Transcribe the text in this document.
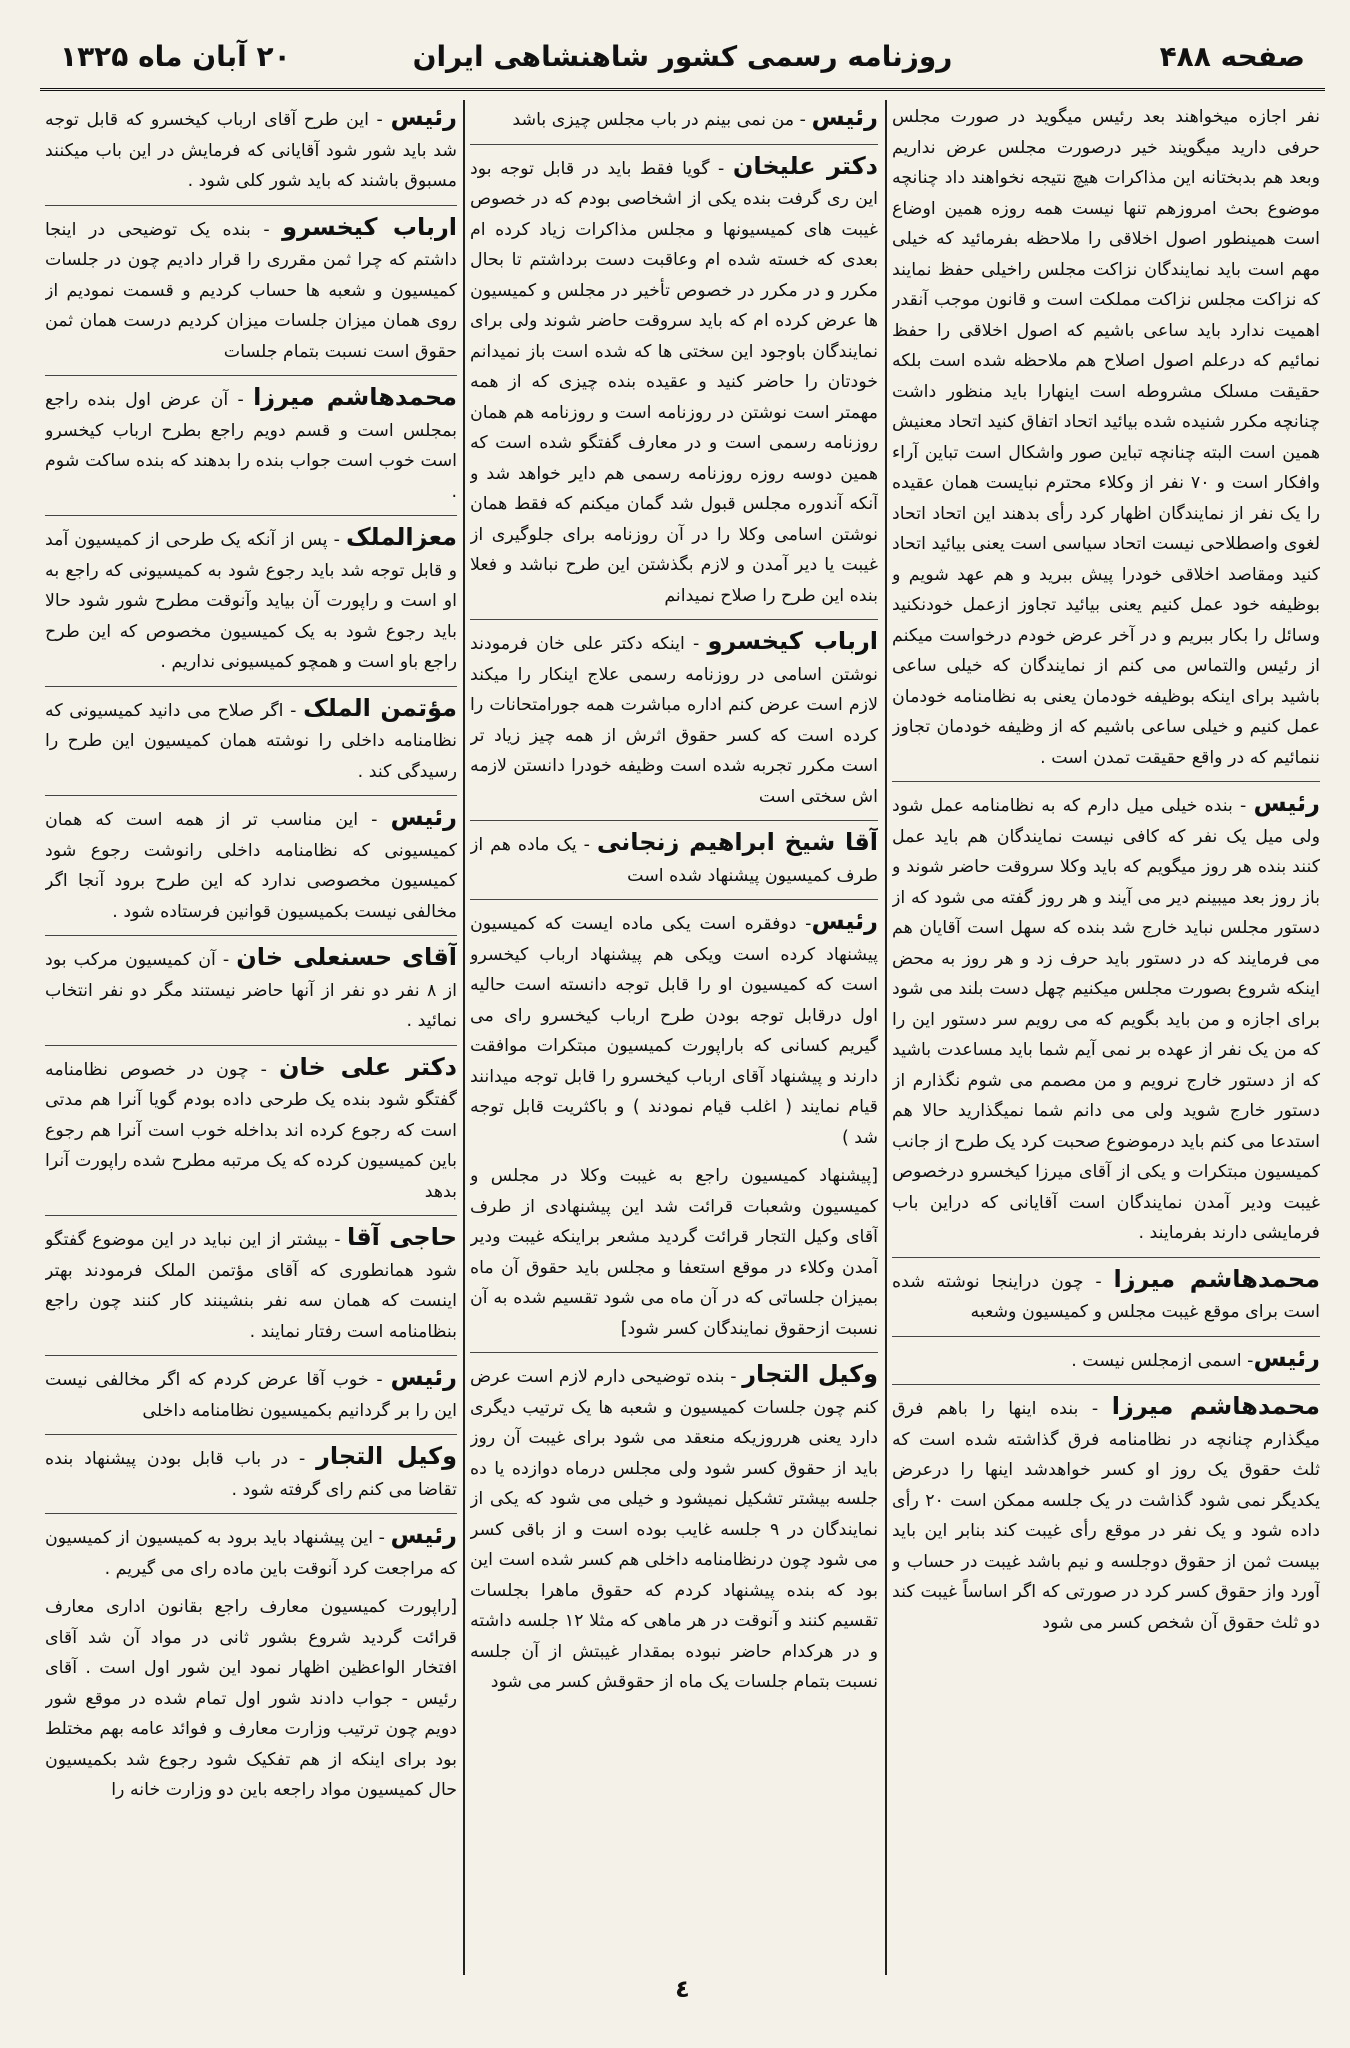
صفحه ۴۸۸
روزنامه رسمی کشور شاهنشاهی ایران
۲۰ آبان ماه ۱۳۲۵

نفر اجازه میخواهند بعد رئیس میگوید در صورت مجلس حرفی دارید میگویند خیر درصورت مجلس عرض نداریم وبعد هم بدبختانه این مذاکرات هیچ نتیجه نخواهند داد چنانچه موضوع بحث امروزهم تنها نیست همه روزه همین اوضاع است همینطور اصول اخلاقی را ملاحظه بفرمائید که خیلی مهم است باید نمایندگان نزاکت مجلس راخیلی حفظ نمایند که نزاکت مجلس نزاکت مملکت است و قانون موجب آنقدر اهمیت ندارد باید ساعی باشیم که اصول اخلاقی را حفظ نمائیم که درعلم اصول اصلاح هم ملاحظه شده است بلکه حقیقت مسلک مشروطه است اینهارا باید منظور داشت چنانچه مکرر شنیده شده بیائید اتحاد اتفاق کنید اتحاد معنیش همین است البته چنانچه تباین صور واشکال است تباین آراء وافکار است و ۷۰ نفر از وکلاء محترم نبایست همان عقیده را یک نفر از نمایندگان اظهار کرد رأی بدهند این اتحاد اتحاد لغوی واصطلاحی نیست اتحاد سیاسی است یعنی بیائید اتحاد کنید ومقاصد اخلاقی خودرا پیش ببرید و هم عهد شویم و بوظیفه خود عمل کنیم یعنی بیائید تجاوز ازعمل خودنکنید وسائل را بکار ببریم و در آخر عرض خودم درخواست میکنم از رئیس والتماس می کنم از نمایندگان که خیلی ساعی باشید برای اینکه بوظیفه خودمان یعنی به نظامنامه خودمان عمل کنیم و خیلی ساعی باشیم که از وظیفه خودمان تجاوز ننمائیم که در واقع حقیقت تمدن است .

رئیس - بنده خیلی میل دارم که به نظامنامه عمل شود ولی میل یک نفر که کافی نیست نمایندگان هم باید عمل کنند بنده هر روز میگویم که باید وکلا سروقت حاضر شوند و باز روز بعد میبینم دیر می آیند و هر روز گفته می شود که از دستور مجلس نباید خارج شد بنده که سهل است آقایان هم می فرمایند که در دستور باید حرف زد و هر روز به محض اینکه شروع بصورت مجلس میکنیم چهل دست بلند می شود برای اجازه و من باید بگویم که می رویم سر دستور این را که من یک نفر از عهده بر نمی آیم شما باید مساعدت باشید که از دستور خارج نرویم و من مصمم می شوم نگذارم از دستور خارج شوید ولی می دانم شما نمیگذارید حالا هم استدعا می کنم باید درموضوع صحبت کرد یک طرح از جانب کمیسیون مبتکرات و یکی از آقای میرزا کیخسرو درخصوص غیبت ودیر آمدن نمایندگان است آقایانی که دراین باب فرمایشی دارند بفرمایند .

محمدهاشم میرزا - چون دراینجا نوشته شده است برای موقع غیبت مجلس و کمیسیون وشعبه

رئیس- اسمی ازمجلس نیست .

محمدهاشم میرزا - بنده اینها را باهم فرق میگذارم چنانچه در نظامنامه فرق گذاشته شده است که ثلث حقوق یک روز او کسر خواهدشد اینها را درعرض یکدیگر نمی شود گذاشت در یک جلسه ممکن است ۲۰ رأی داده شود و یک نفر در موقع رأی غیبت کند بنابر این باید بیست ثمن از حقوق دوجلسه و نیم باشد غیبت در حساب و آورد واز حقوق کسر کرد در صورتی که اگر اساساً غیبت کند دو ثلث حقوق آن شخص کسر می شود

رئیس - من نمی بینم در باب مجلس چیزی باشد

دکتر علیخان - گویا فقط باید در قابل توجه بود این ری گرفت بنده یکی از اشخاصی بودم که در خصوص غیبت های کمیسیونها و مجلس مذاکرات زیاد کرده ام بعدی که خسته شده ام وعاقبت دست برداشتم تا بحال مکرر و در مکرر در خصوص تأخیر در مجلس و کمیسیون ها عرض کرده ام که باید سروقت حاضر شوند ولی برای نمایندگان باوجود این سختی ها که شده است باز نمیدانم خودتان را حاضر کنید و عقیده بنده چیزی که از همه مهمتر است نوشتن در روزنامه است و روزنامه هم همان روزنامه رسمی است و در معارف گفتگو شده است که همین دوسه روزه روزنامه رسمی هم دایر خواهد شد و آنکه آندوره مجلس قبول شد گمان میکنم که فقط همان نوشتن اسامی وکلا را در آن روزنامه برای جلوگیری از غیبت یا دیر آمدن و لازم بگذشتن این طرح نباشد و فعلا بنده این طرح را صلاح نمیدانم

ارباب کیخسرو - اینکه دکتر علی خان فرمودند نوشتن اسامی در روزنامه رسمی علاج اینکار را میکند لازم است عرض کنم اداره مباشرت همه جورامتحانات را کرده است که کسر حقوق اثرش از همه چیز زیاد تر است مکرر تجربه شده است وظیفه خودرا دانستن لازمه اش سختی است

آقا شیخ ابراهیم زنجانی - یک ماده هم از طرف کمیسیون پیشنهاد شده است

رئیس- دوفقره است یکی ماده ایست که کمیسیون پیشنهاد کرده است ویکی هم پیشنهاد ارباب کیخسرو است که کمیسیون او را قابل توجه دانسته است حالیه اول درقابل توجه بودن طرح ارباب کیخسرو رای می گیریم کسانی که باراپورت کمیسیون مبتکرات موافقت دارند و پیشنهاد آقای ارباب کیخسرو را قابل توجه میدانند قیام نمایند ( اغلب قیام نمودند ) و باکثریت قابل توجه شد )

[پیشنهاد کمیسیون راجع به غیبت وکلا در مجلس و کمیسیون وشعبات قرائت شد این پیشنهادی از طرف آقای وکیل التجار قرائت گردید مشعر براینکه غیبت ودیر آمدن وکلاء در موقع استعفا و مجلس باید حقوق آن ماه بمیزان جلساتی که در آن ماه می شود تقسیم شده به آن نسبت ازحقوق نمایندگان کسر شود]

وکیل التجار - بنده توضیحی دارم لازم است عرض کنم چون جلسات کمیسیون و شعبه ها یک ترتیب دیگری دارد یعنی هرروزیکه منعقد می شود برای غیبت آن روز باید از حقوق کسر شود ولی مجلس درماه دوازده یا ده جلسه بیشتر تشکیل نمیشود و خیلی می شود که یکی از نمایندگان در ۹ جلسه غایب بوده است و از باقی کسر می شود چون درنظامنامه داخلی هم کسر شده است این بود که بنده پیشنهاد کردم که حقوق ماهرا بجلسات تقسیم کنند و آنوقت در هر ماهی که مثلا ۱۲ جلسه داشته و در هرکدام حاضر نبوده بمقدار غیبتش از آن جلسه نسبت بتمام جلسات یک ماه از حقوقش کسر می شود

رئیس - این طرح آقای ارباب کیخسرو که قابل توجه شد باید شور شود آقایانی که فرمایش در این باب میکنند مسبوق باشند که باید شور کلی شود .

ارباب کیخسرو - بنده یک توضیحی در اینجا داشتم که چرا ثمن مقرری را قرار دادیم چون در جلسات کمیسیون و شعبه ها حساب کردیم و قسمت نمودیم از روی همان میزان جلسات میزان کردیم درست همان ثمن حقوق است نسبت بتمام جلسات

محمدهاشم میرزا - آن عرض اول بنده راجع بمجلس است و قسم دویم راجع بطرح ارباب کیخسرو است خوب است جواب بنده را بدهند که بنده ساکت شوم .

معزالملک - پس از آنکه یک طرحی از کمیسیون آمد و قابل توجه شد باید رجوع شود به کمیسیونی که راجع به او است و راپورت آن بیاید وآنوقت مطرح شور شود حالا باید رجوع شود به یک کمیسیون مخصوص که این طرح راجع باو است و همچو کمیسیونی نداریم .

مؤتمن الملک - اگر صلاح می دانید کمیسیونی که نظامنامه داخلی را نوشته همان کمیسیون این طرح را رسیدگی کند .

رئیس - این مناسب تر از همه است که همان کمیسیونی که نظامنامه داخلی رانوشت رجوع شود کمیسیون مخصوصی ندارد که این طرح برود آنجا اگر مخالفی نیست بکمیسیون قوانین فرستاده شود .

آقای حسنعلی خان - آن کمیسیون مرکب بود از ۸ نفر دو نفر از آنها حاضر نیستند مگر دو نفر انتخاب نمائید .

دکتر علی خان - چون در خصوص نظامنامه گفتگو شود بنده یک طرحی داده بودم گویا آنرا هم مدتی است که رجوع کرده اند بداخله خوب است آنرا هم رجوع باین کمیسیون کرده که یک مرتبه مطرح شده راپورت آنرا بدهد

حاجی آقا - بیشتر از این نباید در این موضوع گفتگو شود همانطوری که آقای مؤتمن الملک فرمودند بهتر اینست که همان سه نفر بنشینند کار کنند چون راجع بنظامنامه است رفتار نمایند .

رئیس - خوب آقا عرض کردم که اگر مخالفی نیست این را بر گردانیم بکمیسیون نظامنامه داخلی

وکیل التجار - در باب قابل بودن پیشنهاد بنده تقاضا می کنم رای گرفته شود .

رئیس - این پیشنهاد باید برود به کمیسیون از کمیسیون که مراجعت کرد آنوقت باین ماده رای می گیریم .

[راپورت کمیسیون معارف راجع بقانون اداری معارف قرائت گردید شروع بشور ثانی در مواد آن شد آقای افتخار الواعظین اظهار نمود این شور اول است . آقای رئیس - جواب دادند شور اول تمام شده در موقع شور دویم چون ترتیب وزارت معارف و فوائد عامه بهم مختلط بود برای اینکه از هم تفکیک شود رجوع شد بکمیسیون حال کمیسیون مواد راجعه باین دو وزارت خانه را

٤
